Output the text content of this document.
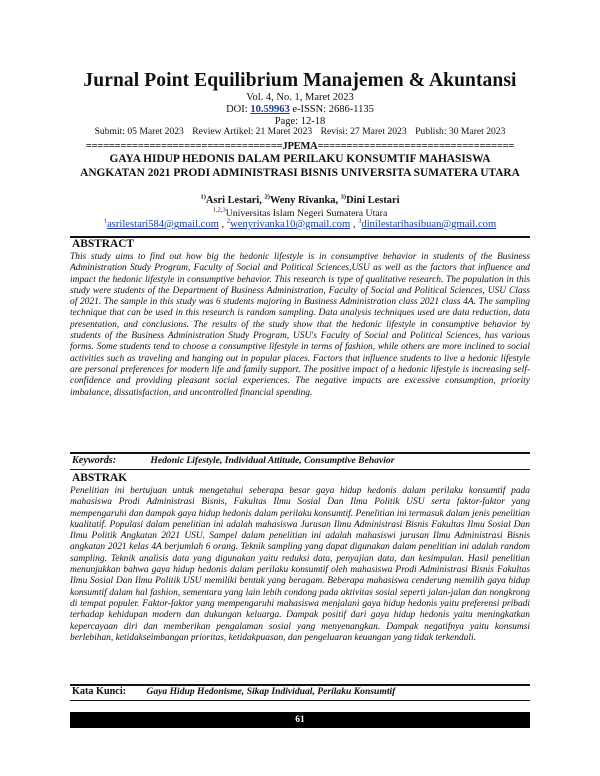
Jurnal Point Equilibrium Manajemen & Akuntansi
Vol. 4, No. 1, Maret 2023
DOI: 10.59963 e-ISSN: 2686-1135
Page: 12-18
Submit: 05 Maret 2023 Review Artikel: 21 Maret 2023 Revisi: 27 Maret 2023 Publish: 30 Maret 2023
==================================JPEMA==================================
GAYA HIDUP HEDONIS DALAM PERILAKU KONSUMTIF MAHASISWA ANGKATAN 2021 PRODI ADMINISTRASI BISNIS UNIVERSITA SUMATERA UTARA
$^{1)}$Asri Lestari, $^{2)}$Weny Rivanka, $^{3)}$Dini Lestari
$^{1,2,3}$Universitas Islam Negeri Sumatera Utara
$^1$asrilestari584@gmail.com , $^2$wenyrivanka10@gmail.com , $^3$dinilestarihasibuan@gmail.com
ABSTRACT
This study aims to find out how big the hedonic lifestyle is in consumptive behavior in students of the Business Administration Study Program, Faculty of Social and Political Sciences,USU as well as the factors that influence and impact the hedonic lifestyle in consumptive behavior. This research is type of qualitative research. The population in this study were students of the Department of Business Administration, Faculty of Social and Political Sciences, USU Class of 2021. The sample in this study was 6 students majoring in Business Administration class 2021 class 4A. The sampling technique that can be used in this research is random sampling. Data analysis techniques used are data reduction, data presentation, and conclusions. The results of the study show that the hedonic lifestyle in consumptive behavior by students of the Business Administration Study Program, USU's Faculty of Social and Political Sciences, has various forms. Some students tend to choose a consumptive lifestyle in terms of fashion, while others are more inclined to social activities such as traveling and hanging out in popular places. Factors that influence students to live a hedonic lifestyle are personal preferences for modern life and family support. The positive impact of a hedonic lifestyle is increasing self-confidence and providing pleasant social experiences. The negative impacts are excessive consumption, priority imbalance, dissatisfaction, and uncontrolled financial spending.
Keywords:	Hedonic Lifestyle, Individual Attitude, Consumptive Behavior
ABSTRAK
Penelitian ini bertujuan untuk mengetahui seberapa besar gaya hidup hedonis dalam perilaku konsumtif pada mahasiswa Prodi Administrasi Bisnis, Fakultas Ilmu Sosial Dan Ilmu Politik USU serta faktor-faktor yang mempengaruhi dan dampak gaya hidup hedonis dalam perilaku konsumtif. Penelitian ini termasuk dalam jenis penelitian kualitatif. Populasi dalam penelitian ini adalah mahasiswa Jurusan Ilmu Administrasi Bisnis Fakultas Ilmu Sosial Dan Ilmu Politik Angkatan 2021 USU. Sampel dalam penelitian ini adalah mahasiswi jurusan Ilmu Administrasi Bisnis angkatan 2021 kelas 4A berjumlah 6 orang. Teknik sampling yang dapat digunakan dalam penelitian ini adalah random sampling. Teknik analisis data yang digunakan yaitu reduksi data, penyajian data, dan kesimpulan. Hasil penelitian menunjukkan bahwa gaya hidup hedonis dalam perilaku konsumtif oleh mahasiswa Prodi Administrasi Bisnis Fakultas Ilmu Sosial Dan Ilmu Politik USU memiliki bentuk yang beragam. Beberapa mahasiswa cenderung memilih gaya hidup konsumtif dalam hal fashion, sementara yang lain lebih condong pada aktivitas sosial seperti jalan-jalan dan nongkrong di tempat populer. Faktor-faktor yang mempengaruhi mahasiswa menjalani gaya hidup hedonis yaitu preferensi pribadi terhadap kehidupan modern dan dukungan keluarga. Dampak positif dari gaya hidup hedonis yaitu meningkatkan kepercayaan diri dan memberikan pengalaman sosial yang menyenangkan. Dampak negatifnya yaitu konsumsi berlebihan, ketidakseimbangan prioritas, ketidakpuasan, dan pengeluaran keuangan yang tidak terkendali.
Kata Kunci: Gaya Hidup Hedonisme, Sikap Individual, Perilaku Konsumtif
61
